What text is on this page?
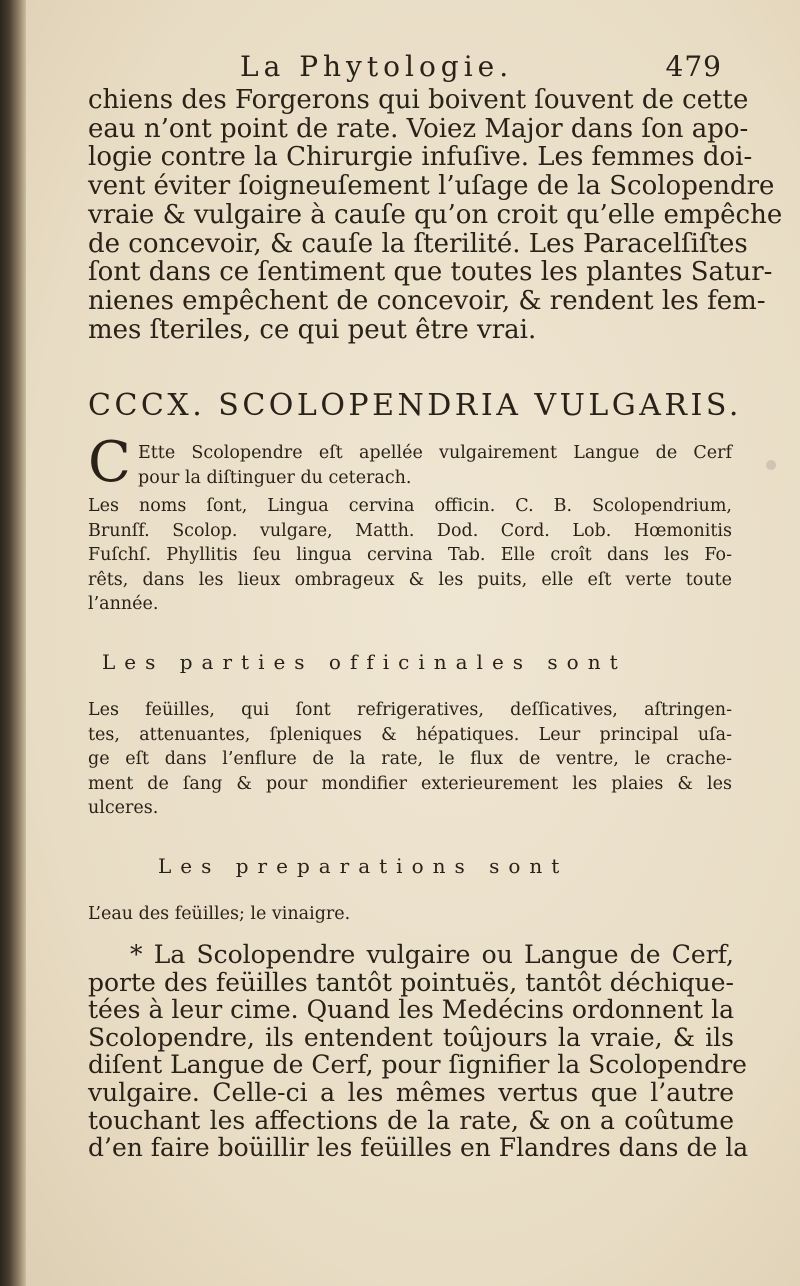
La Phytologie.	479
chiens des Forgerons qui boivent ſouvent de cette
eau n’ont point de rate. Voiez Major dans ſon apo-
logie contre la Chirurgie infuſive. Les femmes doi-
vent éviter ſoigneuſement l’uſage de la Scolopendre
vraie & vulgaire à cauſe qu’on croit qu’elle empêche
de concevoir, & cauſe la ſterilité. Les Paracelſiſtes
ſont dans ce ſentiment que toutes les plantes Satur-
nienes empêchent de concevoir, & rendent les fem-
mes ſteriles, ce qui peut être vrai.
CCCX. SCOLOPENDRIA VULGARIS.
C Ette Scolopendre eſt apellée vulgairement Langue de Cerf
pour la diſtinguer du ceterach.
Les noms ſont, Lingua cervina officin. C. B. Scolopendrium,
Brunſf. Scolop. vulgare, Matth. Dod. Cord. Lob. Hœmonitis
Fuſchſ. Phyllitis ſeu lingua cervina Tab. Elle croît dans les Fo-
rêts, dans les lieux ombrageux & les puits, elle eſt verte toute
l’année.
Les parties officinales sont
Les feüilles, qui ſont refrigeratives, deſſicatives, aſtringen-
tes, attenuantes, ſpleniques & hépatiques. Leur principal uſa-
ge eſt dans l’enflure de la rate, le flux de ventre, le crache-
ment de ſang & pour mondifier exterieurement les plaies & les
ulceres.
Les preparations sont
L’eau des feüilles; le vinaigre.
* La Scolopendre vulgaire ou Langue de Cerf,
porte des feüilles tantôt pointuës, tantôt déchique-
tées à leur cime. Quand les Medécins ordonnent la
Scolopendre, ils entendent toûjours la vraie, & ils
diſent Langue de Cerf, pour ſignifier la Scolopendre
vulgaire. Celle-ci a les mêmes vertus que l’autre
touchant les affections de la rate, & on a coûtume
d’en faire boüillir les feüilles en Flandres dans de la
